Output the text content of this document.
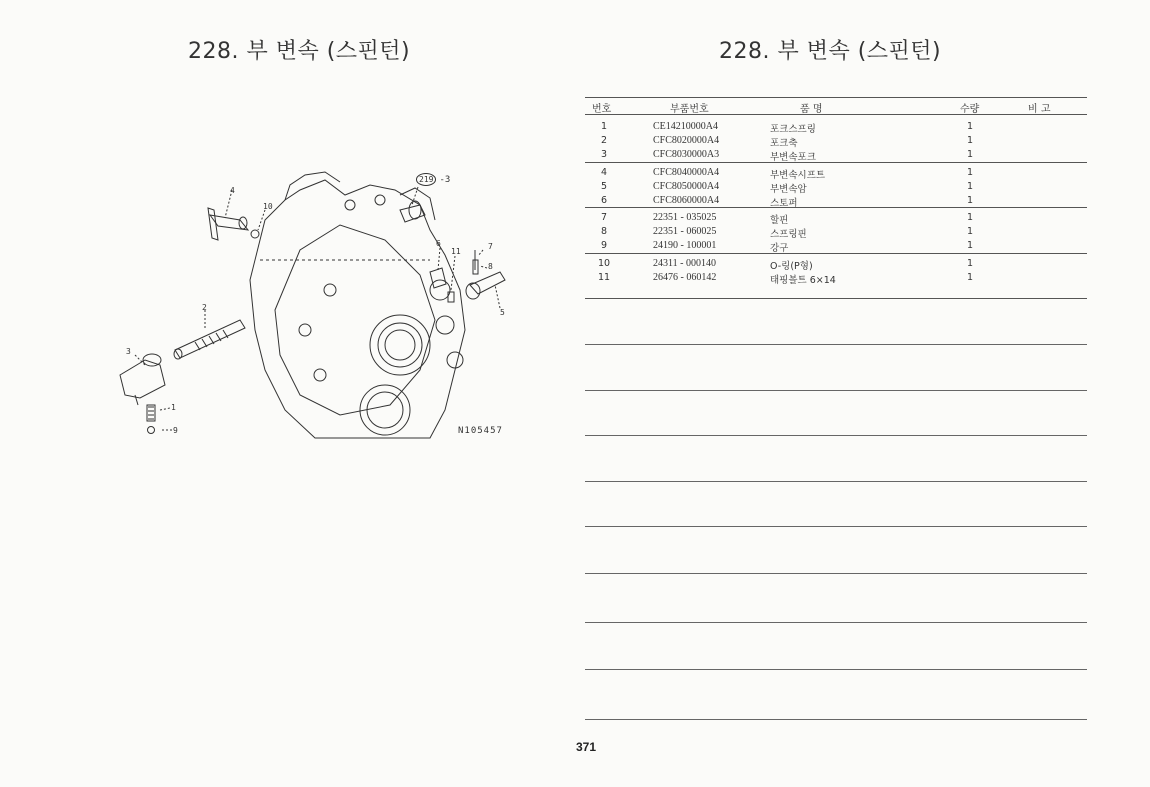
228. 부 변속 (스핀턴)
4
10
2
3
1
9
6
11
7
8
5
219 -3
N105457
228. 부 변속 (스핀턴)
번호	부품번호	품 명	수량	비 고
1	CE14210000A4	포크스프링	1
2	CFC8020000A4	포크축	1
3	CFC8030000A3	부변속포크	1
4	CFC8040000A4	부변속시프트	1
5	CFC8050000A4	부변속암	1
6	CFC8060000A4	스토퍼	1
7	22351 - 035025	할핀	1
8	22351 - 060025	스프링핀	1
9	24190 - 100001	강구	1
10	24311 - 000140	O-링(P형)	1
11	26476 - 060142	태핑볼트 6×14	1
371
